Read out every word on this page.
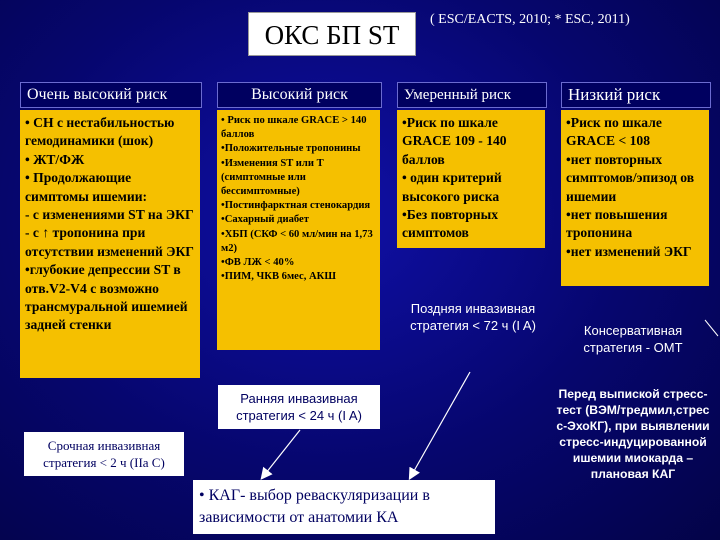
ОКС БП ST
( ESC/EACTS, 2010; * ESC, 2011)
Очень высокий риск	Высокий риск	Умеренный риск	Низкий риск

• СН с нестабильностью гемодинамики (шок)

• ЖТ/ФЖ

• Продолжающие симптомы ишемии:

- с изменениями ST на ЭКГ

- с ↑ тропонина при отсутствии изменений ЭКГ

•глубокие депрессии ST в отв.V2-V4 с возможно трансмуральной ишемией задней стенки

• Риск по шкале GRACE > 140 баллов

•Положительные тропонины

•Изменения ST или T (симптомные или бессимптомные)

•Постинфарктная стенокардия

•Сахарный диабет

•ХБП (СКФ < 60 мл/мин на 1,73 м2)

•ФВ ЛЖ < 40%

•ПИМ, ЧКВ 6мес, АКШ

•Риск по шкале GRACE 109 - 140 баллов

• один критерий высокого риска

•Без повторных симптомов

•Риск по шкале GRACE < 108

•нет повторных симптомов/эпизод ов ишемии

•нет повышения тропонина

•нет изменений ЭКГ

Срочная инвазивная стратегия < 2 ч (IIa С)
Ранняя инвазивная стратегия < 24 ч (I A)
Поздняя инвазивная стратегия < 72 ч (I A)	Консервативная стратегия - ОМТ
Перед выпиской стресс-тест (ВЭМ/тредмил,стрес с-ЭхоКГ), при выявлении стресс-индуцированной ишемии миокарда – плановая КАГ
• КАГ- выбор реваскуляризации в зависимости от анатомии КА
